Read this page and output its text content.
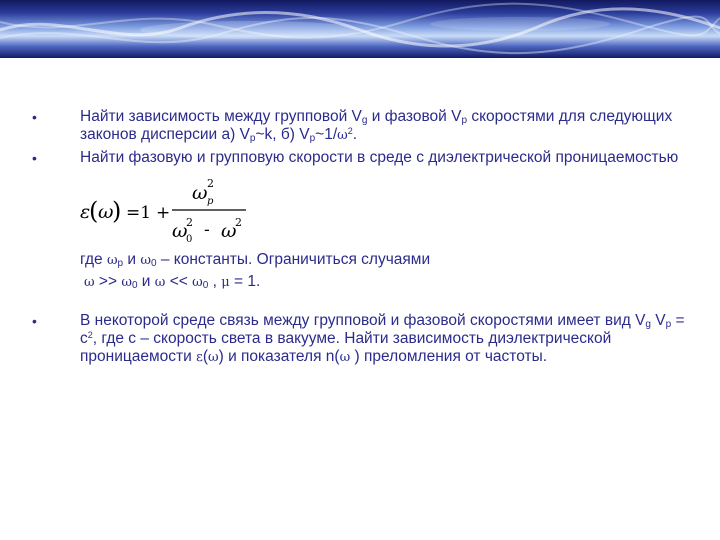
•	Найти зависимость между групповой $V_g$ и фазовой $V_p$ скоростями для следующих законов дисперсии а) $V_p\sim k$, б) $V_p\sim 1/\omega^2$.
•	Найти фазовую и групповую скорости в среде с диэлектрической проницаемостью
ε
( ω
) =1 +
ω p
2
ω
0
2 - ω
2
где $\omega_p$ и $\omega_0$ – константы. Ограничиться случаями
$\omega >> \omega_0$ и $\omega << \omega_0$ , μ = 1.
•	В некоторой среде связь между групповой и фазовой скоростями имеет вид $V_g$ $V_p = c^2$, где c – скорость света в вакууме. Найти зависимость диэлектрической проницаемости ε(ω) и показателя n(ω ) преломления от частоты.
